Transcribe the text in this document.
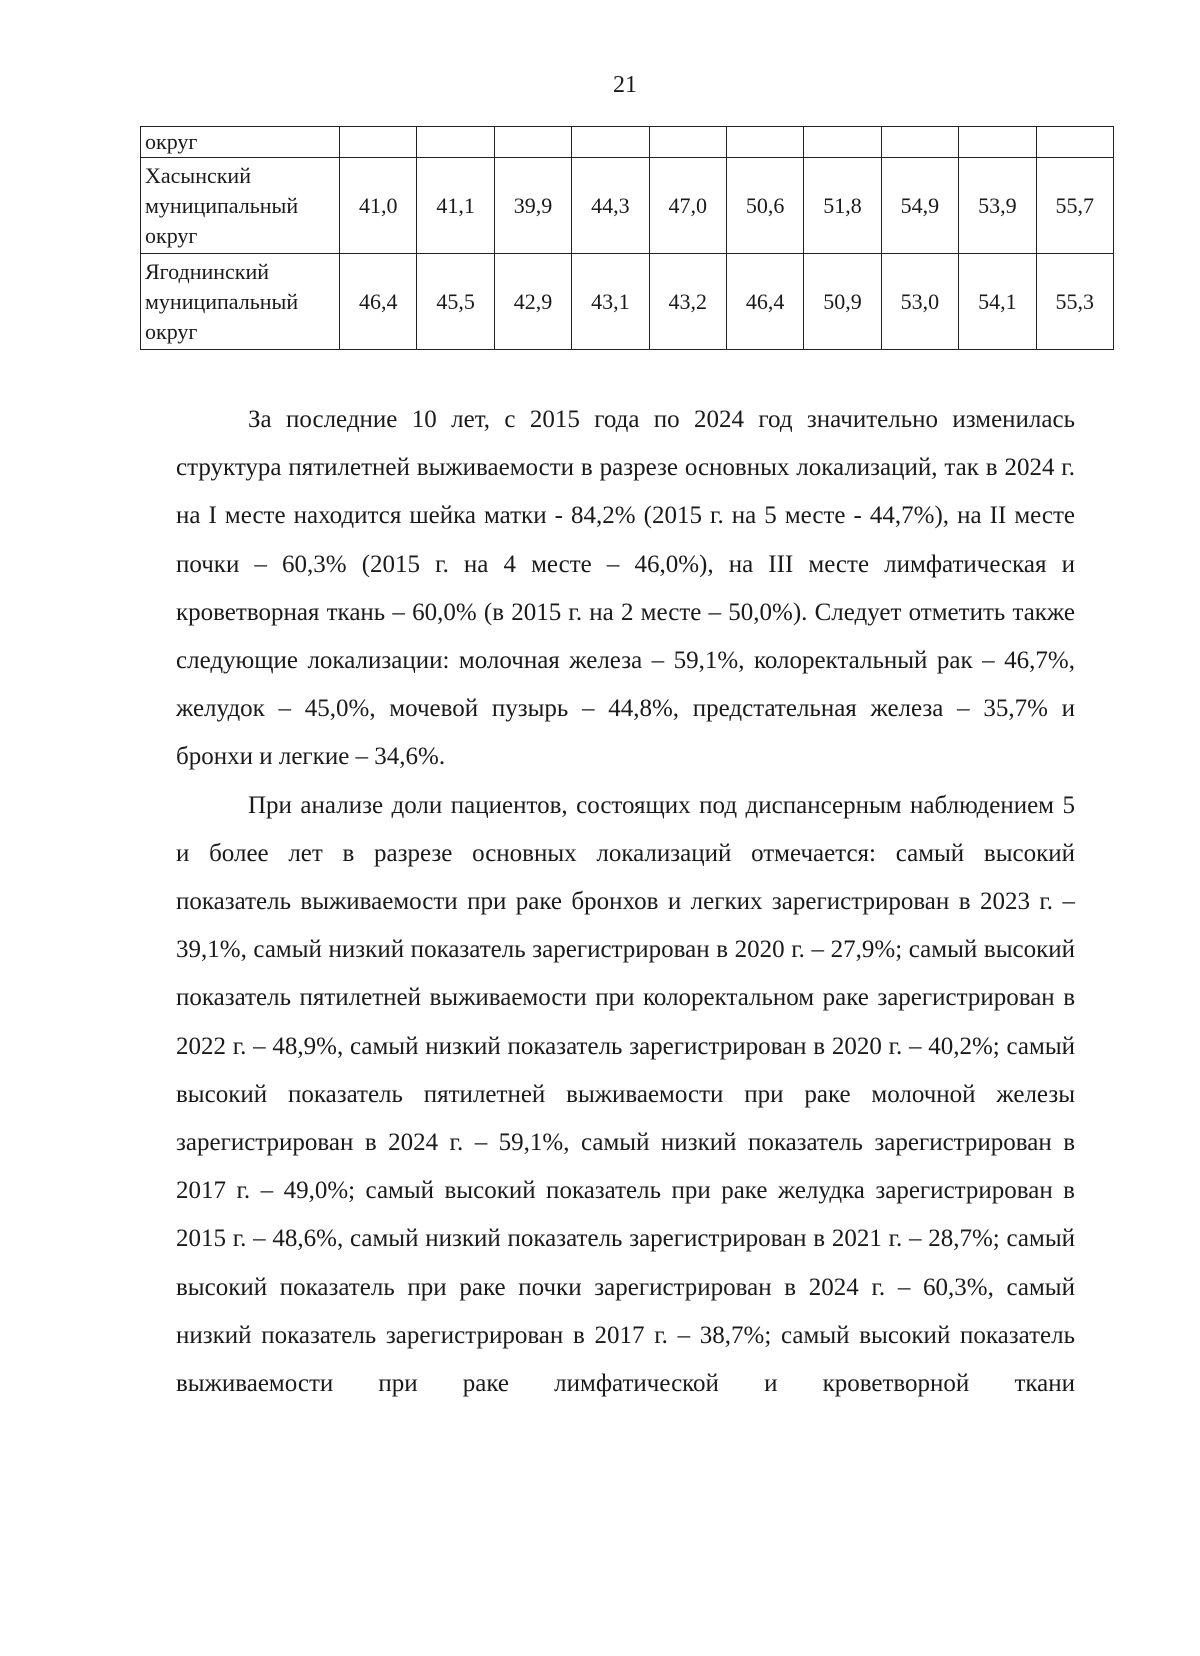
21
округ										

Хасынский
муниципальный
округ	41,0	41,1	39,9	44,3	47,0	50,6	51,8	54,9	53,9	55,7

Ягоднинский
муниципальный
округ	46,4	45,5	42,9	43,1	43,2	46,4	50,9	53,0	54,1	55,3

За последние 10 лет, с 2015 года по 2024 год значительно изменилась структура пятилетней выживаемости в разрезе основных локализаций, так в 2024 г. на I месте находится шейка матки - 84,2% (2015 г. на 5 месте - 44,7%), на II месте почки – 60,3% (2015 г. на 4 месте – 46,0%), на III месте лимфатическая и кроветворная ткань – 60,0% (в 2015 г. на 2 месте – 50,0%). Следует отметить также следующие локализации: молочная железа – 59,1%, колоректальный рак – 46,7%, желудок – 45,0%, мочевой пузырь – 44,8%, предстательная железа – 35,7% и бронхи и легкие – 34,6%.

При анализе доли пациентов, состоящих под диспансерным наблюдением 5 и более лет в разрезе основных локализаций отмечается: самый высокий показатель выживаемости при раке бронхов и легких зарегистрирован в 2023 г. – 39,1%, самый низкий показатель зарегистрирован в 2020 г. – 27,9%; самый высокий показатель пятилетней выживаемости при колоректальном раке зарегистрирован в 2022 г. – 48,9%, самый низкий показатель зарегистрирован в 2020 г. – 40,2%; самый высокий показатель пятилетней выживаемости при раке молочной железы зарегистрирован в 2024 г. – 59,1%, самый низкий показатель зарегистрирован в 2017 г. – 49,0%; самый высокий показатель при раке желудка зарегистрирован в 2015 г. – 48,6%, самый низкий показатель зарегистрирован в 2021 г. – 28,7%; самый высокий показатель при раке почки зарегистрирован в 2024 г. – 60,3%, самый низкий показатель зарегистрирован в 2017 г. – 38,7%; самый высокий показатель выживаемости при раке лимфатической и кроветворной ткани
